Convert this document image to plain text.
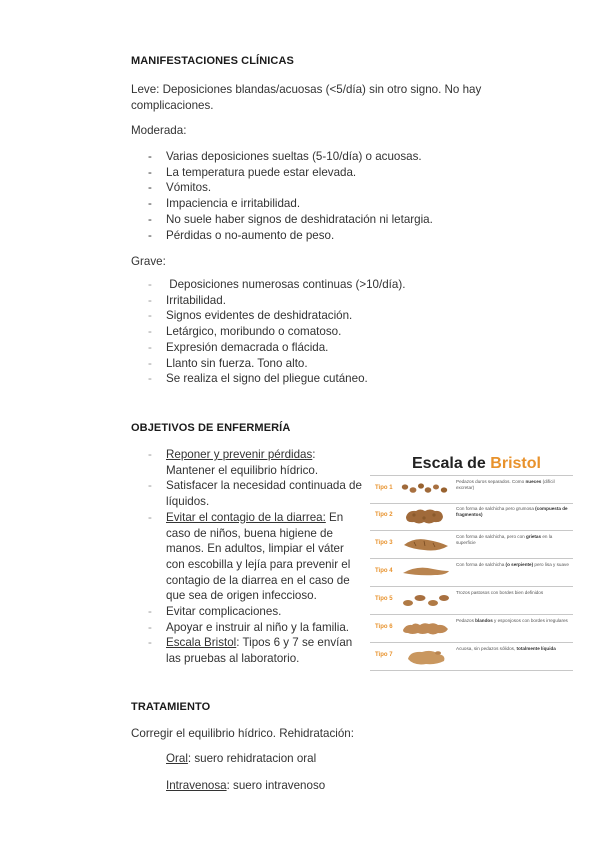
MANIFESTACIONES CLÍNICAS
Leve: Deposiciones blandas/acuosas (<5/día) sin otro signo. No hay complicaciones.
Moderada:
- Varias deposiciones sueltas (5-10/día) o acuosas.
- La temperatura puede estar elevada.
- Vómitos.
- Impaciencia e irritabilidad.
- No suele haber signos de deshidratación ni letargia.
- Pérdidas o no-aumento de peso.
Grave:
-  Deposiciones numerosas continuas (>10/día).
- Irritabilidad.
- Signos evidentes de deshidratación.
- Letárgico, moribundo o comatoso.
- Expresión demacrada o flácida.
- Llanto sin fuerza. Tono alto.
- Se realiza el signo del pliegue cutáneo.
OBJETIVOS DE ENFERMERÍA
- Reponer y prevenir pérdidas: Mantener el equilibrio hídrico.
- Satisfacer la necesidad continuada de líquidos.
- Evitar el contagio de la diarrea: En caso de niños, buena higiene de manos. En adultos, limpiar el váter con escobilla y lejía para prevenir el contagio de la diarrea en el caso de que sea de origen infeccioso.
- Evitar complicaciones.
- Apoyar e instruir al niño y la familia.
- Escala Bristol: Tipos 6 y 7 se envían las pruebas al laboratorio.
Escala de Bristol
Tipo 1
Pedazos duros separados. Como nueces (difícil excretar)
Tipo 2
Con forma de salchicha pero grumosa (compuesta de fragmentos)
Tipo 3
Con forma de salchicha, pero con grietas en la superficie
Tipo 4
Con forma de salchicha (o serpiente) pero lisa y suave
Tipo 5
Trozos pastosos con bordes bien definidos
Tipo 6
Pedazos blandos y esponjosos con bordes irregulares
Tipo 7
Acuosa, sin pedazos sólidos, totalmente líquida
TRATAMIENTO
Corregir el equilibrio hídrico. Rehidratación:
Oral: suero rehidratacion oral
Intravenosa: suero intravenoso
